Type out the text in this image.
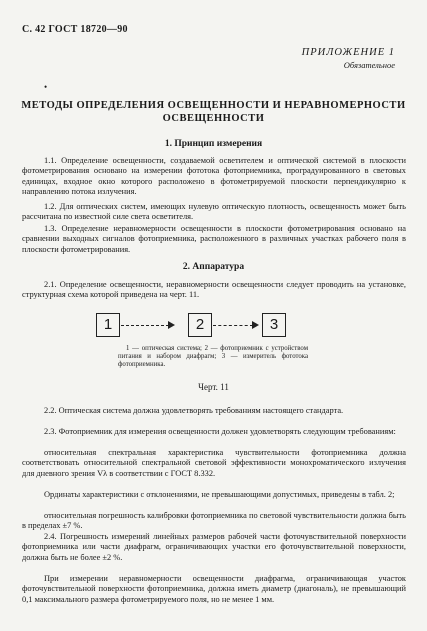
С. 42 ГОСТ 18720—90
ПРИЛОЖЕНИЕ 1
Обязательное
•
МЕТОДЫ ОПРЕДЕЛЕНИЯ ОСВЕЩЕННОСТИ И НЕРАВНОМЕРНОСТИ
ОСВЕЩЕННОСТИ
1. Принцип измерения
1.1. Определение освещенности, создаваемой осветителем и оптической системой в плоскости фотометрирования основано на измерении фототока фотоприемника, проградуированного в световых единицах, входное окно которого расположено в фотометрируемой плоскости перпендикулярно к направлению потока излучения.
1.2. Для оптических систем, имеющих нулевую оптическую плотность, освещенность может быть рассчитана по известной силе света осветителя.
1.3. Определение неравномерности освещенности в плоскости фотометрирования основано на сравнении выходных сигналов фотоприемника, расположенного в различных участках рабочего поля в плоскости фотометрирования.
2. Аппаратура
2.1. Определение освещенности, неравномерности освещенности следует проводить на установке, структурная схема которой приведена на черт. 11.
1	2	3
1 — оптическая система; 2 — фотоприемник с устройством питания и набором диафрагм; 3 — измеритель фототока фотоприемника.
Черт. 11
2.2. Оптическая система должна удовлетворять требованиям настоящего стандарта.
2.3. Фотоприемник для измерения освещенности должен удовлетворять следующим требованиям:
относительная спектральная характеристика чувствительности фотоприемника должна соответствовать относительной спектральной световой эффективности монохроматического излучения для дневного зрения Vλ в соответствии с ГОСТ 8.332.
Ординаты характеристики с отклонениями, не превышающими допустимых, приведены в табл. 2;
относительная погрешность калибровки фотоприемника по световой чувствительности должна быть в пределах ±7 %.
2.4. Погрешность измерений линейных размеров рабочей части фоточувствительной поверхности фотоприемника или части диафрагм, ограничивающих участки его фоточувствительной поверхности, должна быть не более ±2 %.
При измерении неравномерности освещенности диафрагма, ограничивающая участок фоточувствительной поверхности фотоприемника, должна иметь диаметр (диагональ), не превышающий 0,1 максимального размера фотометрируемого поля, но не менее 1 мм.
